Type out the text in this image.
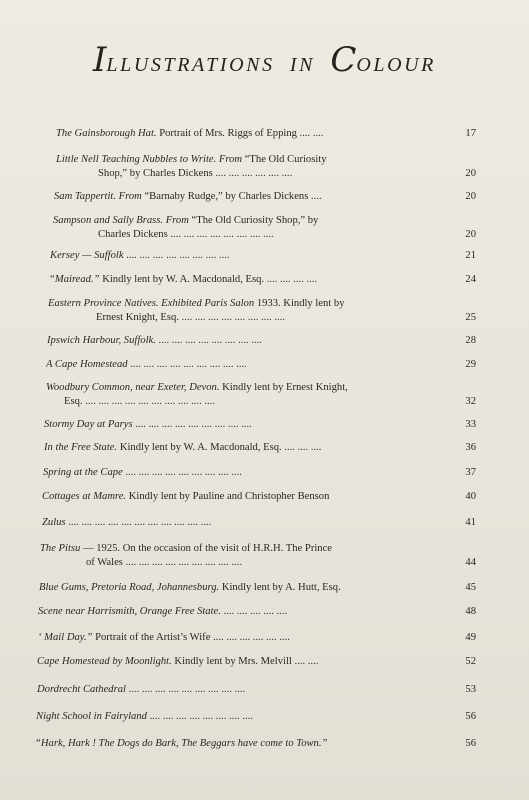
ILLUSTRATIONS IN COLOUR
The Gainsborough Hat. Portrait of Mrs. Riggs of Epping .... ....	17
Little Nell Teaching Nubbles to Write. From “The Old Curiosity
Shop,” by Charles Dickens .... .... .... .... .... ....	20
Sam Tappertit. From “Barnaby Rudge,” by Charles Dickens ....	20
Sampson and Sally Brass. From “The Old Curiosity Shop,” by
Charles Dickens .... .... .... .... .... .... .... ....	20
Kersey — Suffolk .... .... .... .... .... .... .... ....	21
“Mairead.” Kindly lent by W. A. Macdonald, Esq. .... .... .... ....	24
Eastern Province Natives. Exhibited Paris Salon 1933. Kindly lent by
Ernest Knight, Esq. .... .... .... .... .... .... .... ....	25
Ipswich Harbour, Suffolk. .... .... .... .... .... .... .... ....	28
A Cape Homestead .... .... .... .... .... .... .... .... ....	29
Woodbury Common, near Exeter, Devon. Kindly lent by Ernest Knight,
Esq. .... .... .... .... .... .... .... .... .... ....	32
Stormy Day at Parys .... .... .... .... .... .... .... .... ....	33
In the Free State. Kindly lent by W. A. Macdonald, Esq. .... .... ....	36
Spring at the Cape .... .... .... .... .... .... .... .... ....	37
Cottages at Mamre. Kindly lent by Pauline and Christopher Benson	40
Zulus .... .... .... .... .... .... .... .... .... .... ....	41
The Pitsu — 1925. On the occasion of the visit of H.R.H. The Prince
of Wales .... .... .... .... .... .... .... .... ....	44
Blue Gums, Pretoria Road, Johannesburg. Kindly lent by A. Hutt, Esq.	45
Scene near Harrismith, Orange Free State. .... .... .... .... ....	48
‘ Mail Day.” Portrait of the Artist’s Wife .... .... .... .... .... ....	49
Cape Homestead by Moonlight. Kindly lent by Mrs. Melvill .... ....	52
Dordrecht Cathedral .... .... .... .... .... .... .... .... ....	53
Night School in Fairyland .... .... .... .... .... .... .... ....	56
“Hark, Hark ! The Dogs do Bark, The Beggars have come to Town.”	56
